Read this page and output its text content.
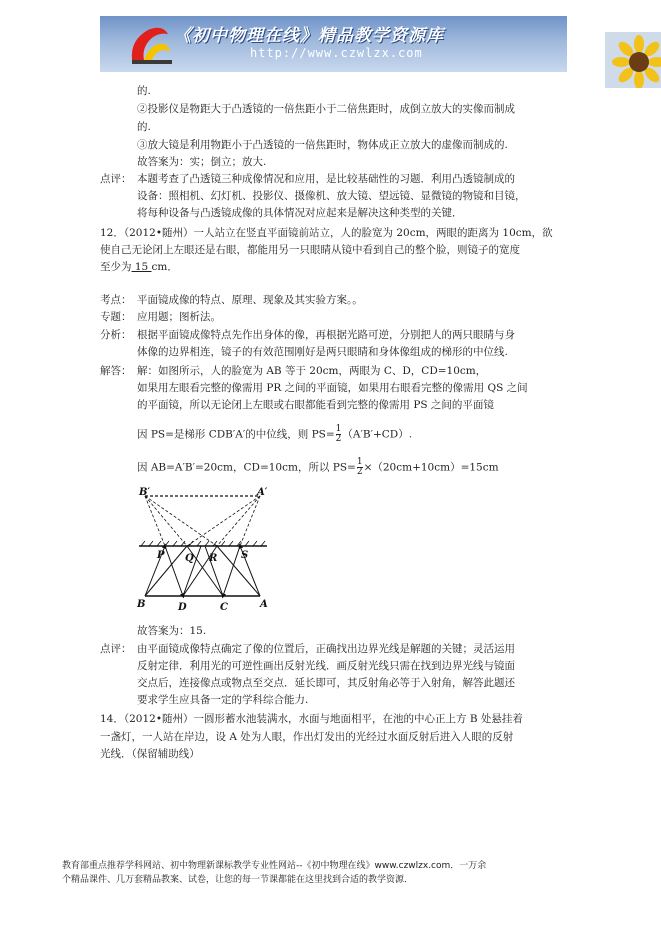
《初中物理在线》精品教学资源库
http://www.czwlzx.com
的.
②投影仪是物距大于凸透镜的一倍焦距小于二倍焦距时，成倒立放大的实像而制成
的.
③放大镜是利用物距小于凸透镜的一倍焦距时，物体成正立放大的虚像而制成的.
故答案为：实；倒立；放大.
点评： 本题考查了凸透镜三种成像情况和应用，是比较基础性的习题．利用凸透镜制成的
设备：照相机、幻灯机、投影仪、摄像机、放大镜、望远镜、显微镜的物镜和目镜，
将每种设备与凸透镜成像的具体情况对应起来是解决这种类型的关键．
12．（2012•随州）一人站立在竖直平面镜前站立，人的脸宽为 20cm，两眼的距离为 10cm，欲
使自己无论闭上左眼还是右眼，都能用另一只眼睛从镜中看到自己的整个脸，则镜子的宽度
至少为 15 cm．
考点： 平面镜成像的特点、原理、现象及其实验方案。。
专题： 应用题；图析法。
分析： 根据平面镜成像特点先作出身体的像，再根据光路可逆，分别把人的两只眼睛与身
体像的边界相连，镜子的有效范围刚好是两只眼睛和身体像组成的梯形的中位线.
解答： 解：如图所示，人的脸宽为 AB 等于 20cm，两眼为 C、D，CD=10cm，
如果用左眼看完整的像需用 PR 之间的平面镜，如果用右眼看完整的像需用 QS 之间
的平面镜，所以无论闭上左眼或右眼都能看到完整的像需用 PS 之间的平面镜
因 PS=是梯形 CDB′A′的中位线，则 $PS= \frac{1}{2} (A'B'+CD)$.
因 AB=A′B′=20cm，CD=10cm，所以 $PS= \frac{1}{2} \times(20cm+10cm)=15cm$
B′	A′
P Q R S
B	D	C	A
故答案为：15.
点评： 由平面镜成像特点确定了像的位置后，正确找出边界光线是解题的关键；灵活运用
反射定律．利用光的可逆性画出反射光线．画反射光线只需在找到边界光线与镜面
交点后，连接像点或物点至交点．延长即可，其反射角必等于入射角，解答此题还
要求学生应具备一定的学科综合能力.
14．（2012•随州）一圆形蓄水池装满水，水面与地面相平，在池的中心正上方 B 处悬挂着
一盏灯，一人站在岸边，设 A 处为人眼，作出灯发出的光经过水面反射后进入人眼的反射
光线．（保留辅助线）
教育部重点推荐学科网站、初中物理新课标教学专业性网站--《初中物理在线》www.czwlzx.com．一万余
个精品课件、几万套精品教案、试卷，让您的每一节课都能在这里找到合适的教学资源．
